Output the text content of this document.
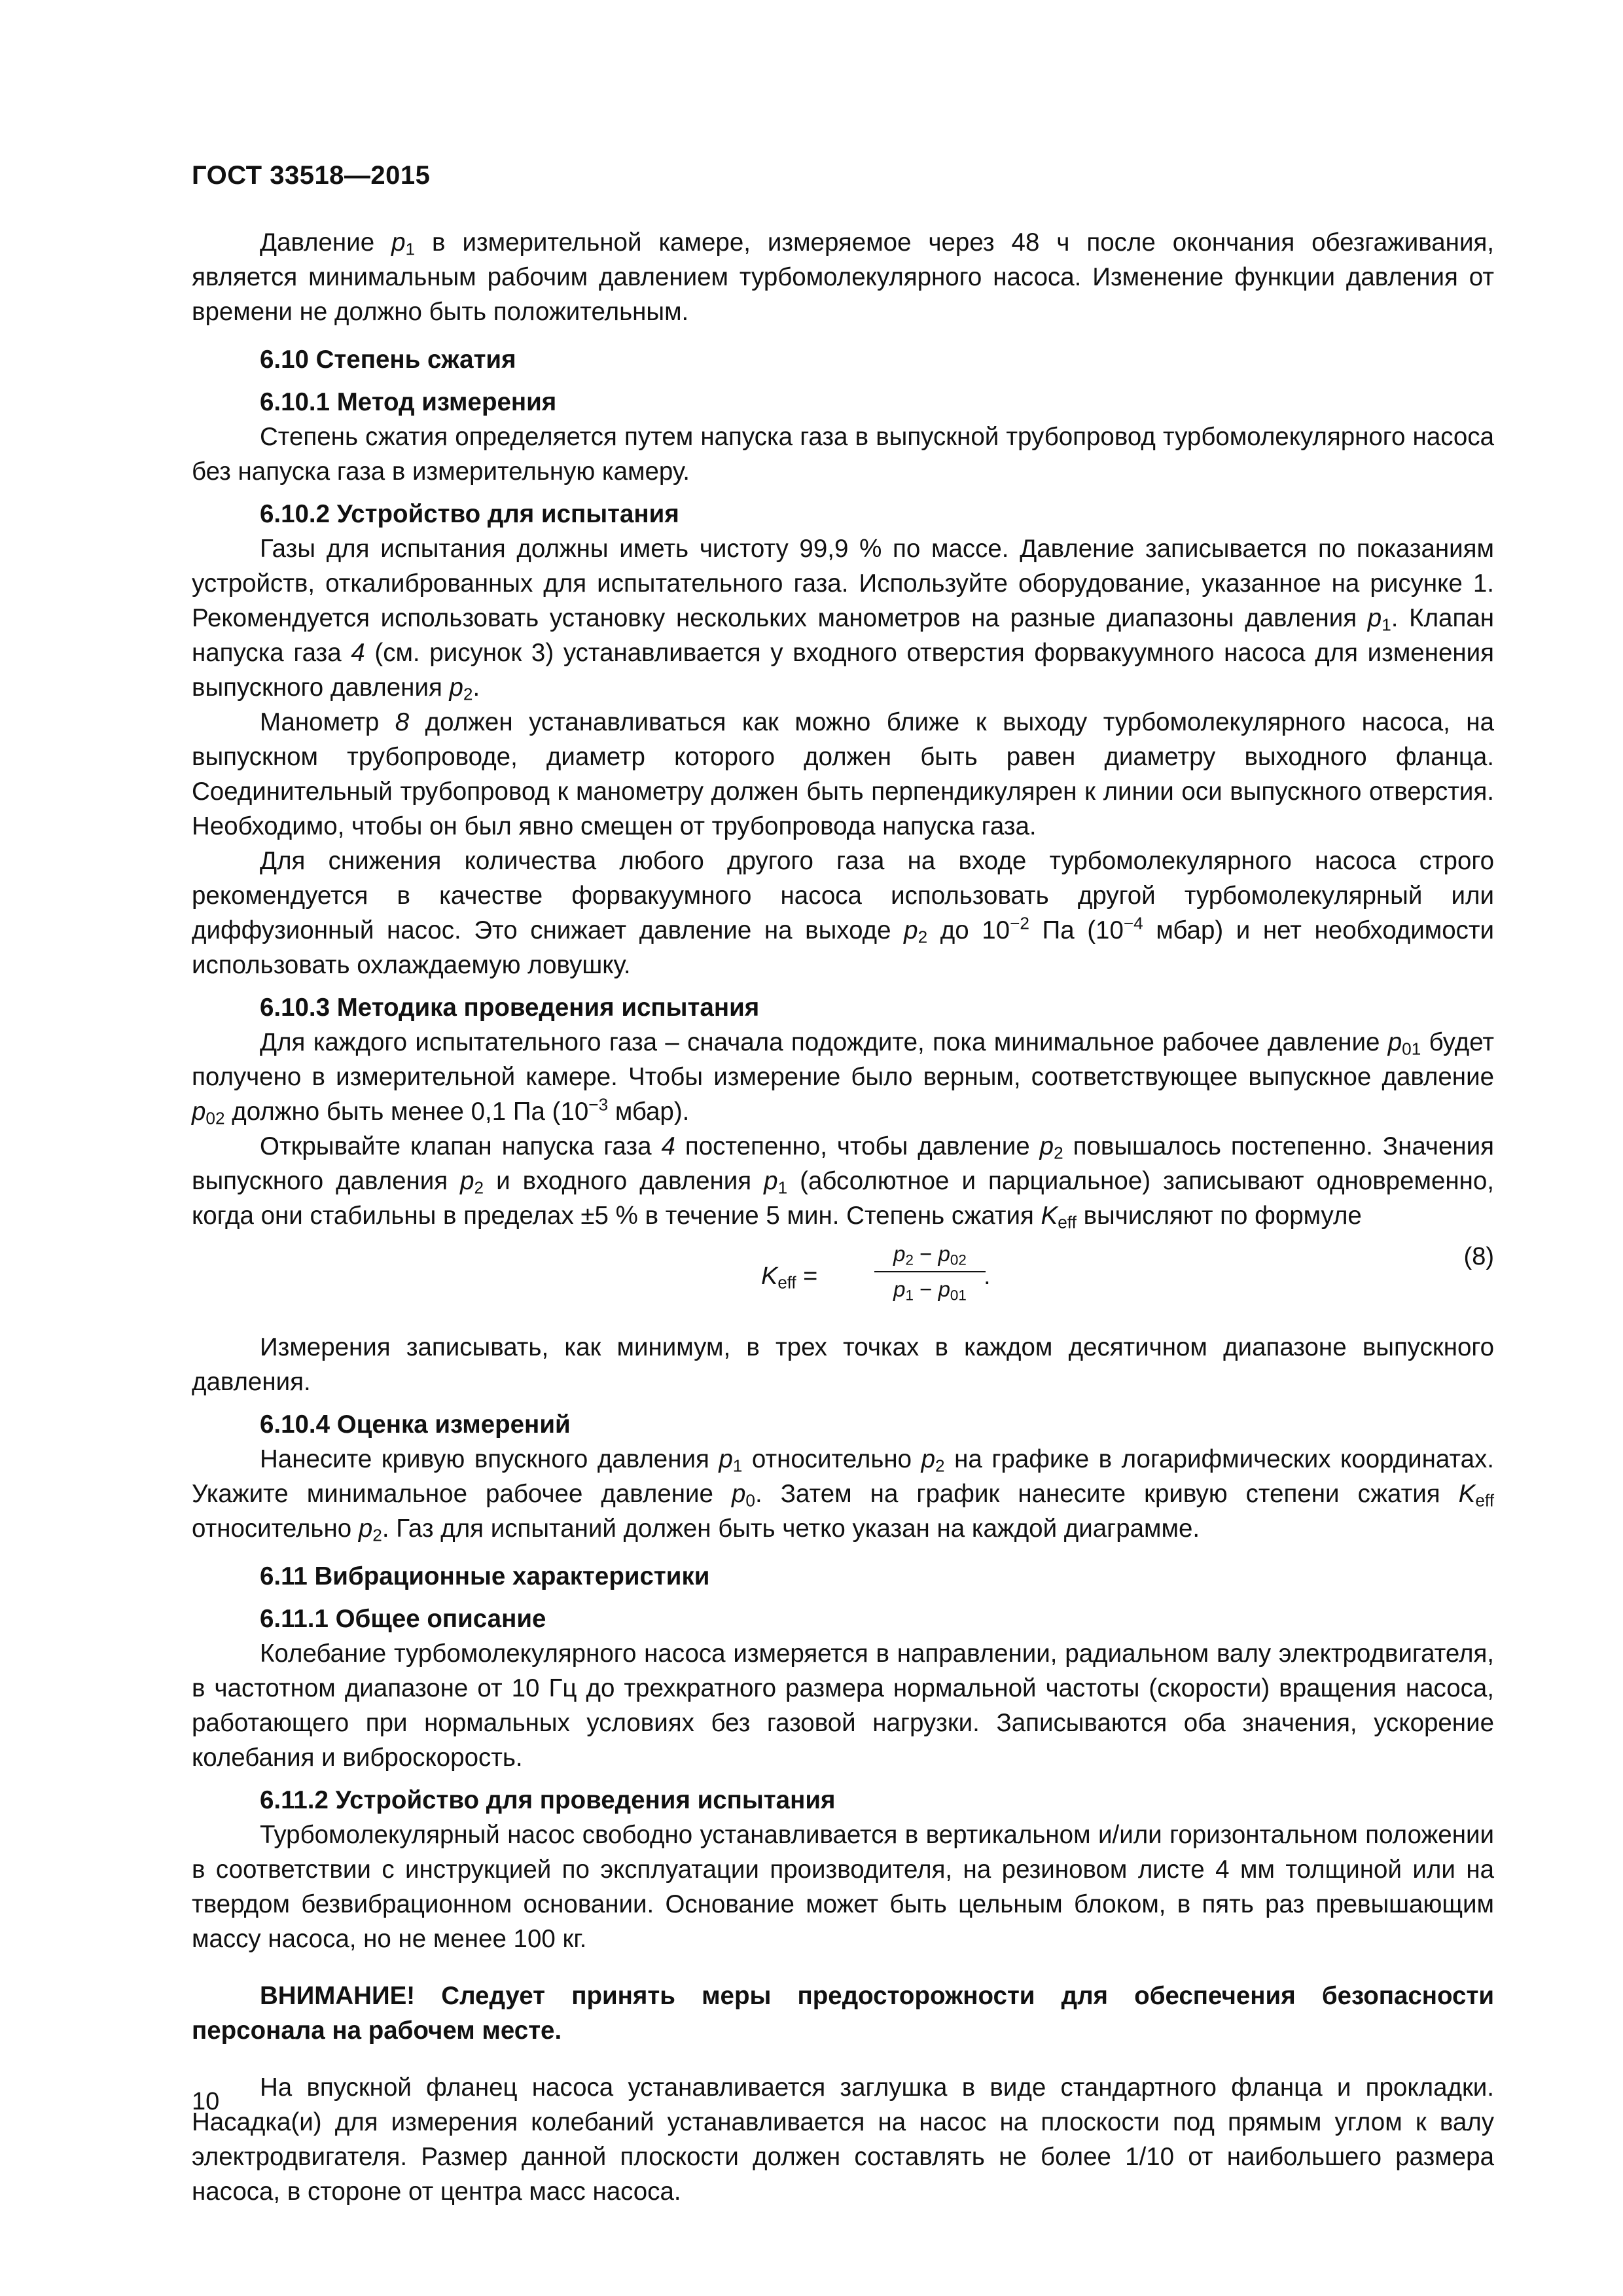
ГОСТ 33518—2015

Давление $p_1$ в измерительной камере, измеряемое через 48 ч после окончания обезгаживания, является минимальным рабочим давлением турбомолекулярного насоса. Изменение функции давления от времени не должно быть положительным.

6.10 Степень сжатия
6.10.1 Метод измерения

Степень сжатия определяется путем напуска газа в выпускной трубопровод турбомолекулярного насоса без напуска газа в измерительную камеру.

6.10.2 Устройство для испытания

Газы для испытания должны иметь чистоту 99,9 % по массе. Давление записывается по показаниям устройств, откалиброванных для испытательного газа. Используйте оборудование, указанное на рисунке 1. Рекомендуется использовать установку нескольких манометров на разные диапазоны давления $p_1$. Клапан напуска газа 4 (см. рисунок 3) устанавливается у входного отверстия форвакуумного насоса для изменения выпускного давления $p_2$.

Манометр 8 должен устанавливаться как можно ближе к выходу турбомолекулярного насоса, на выпускном трубопроводе, диаметр которого должен быть равен диаметру выходного фланца. Соединительный трубопровод к манометру должен быть перпендикулярен к линии оси выпускного отверстия. Необходимо, чтобы он был явно смещен от трубопровода напуска газа.

Для снижения количества любого другого газа на входе турбомолекулярного насоса строго рекомендуется в качестве форвакуумного насоса использовать другой турбомолекулярный или диффузионный насос. Это снижает давление на выходе $p_2$ до $10^{-2}$ Па ($10^{-4}$ мбар) и нет необходимости использовать охлаждаемую ловушку.

6.10.3 Методика проведения испытания

Для каждого испытательного газа – сначала подождите, пока минимальное рабочее давление $p_{01}$ будет получено в измерительной камере. Чтобы измерение было верным, соответствующее выпускное давление $p_{02}$ должно быть менее 0,1 Па ($10^{-3}$ мбар).

Открывайте клапан напуска газа 4 постепенно, чтобы давление $p_2$ повышалось постепенно. Значения выпускного давления $p_2$ и входного давления $p_1$ (абсолютное и парциальное) записывают одновременно, когда они стабильны в пределах ±5 % в течение 5 мин. Степень сжатия $K_{eff}$ вычисляют по формуле

$K_{eff}$ =	$\frac{p_2 - p_{02}}{p_1 - p_{01}}$
.
(8)

Измерения записывать, как минимум, в трех точках в каждом десятичном диапазоне выпускного давления.

6.10.4 Оценка измерений

Нанесите кривую впускного давления $p_1$ относительно $p_2$ на графике в логарифмических координатах. Укажите минимальное рабочее давление $p_0$. Затем на график нанесите кривую степени сжатия $K_{eff}$ относительно $p_2$. Газ для испытаний должен быть четко указан на каждой диаграмме.

6.11 Вибрационные характеристики
6.11.1 Общее описание

Колебание турбомолекулярного насоса измеряется в направлении, радиальном валу электродвигателя, в частотном диапазоне от 10 Гц до трехкратного размера нормальной частоты (скорости) вращения насоса, работающего при нормальных условиях без газовой нагрузки. Записываются оба значения, ускорение колебания и виброскорость.

6.11.2 Устройство для проведения испытания

Турбомолекулярный насос свободно устанавливается в вертикальном и/или горизонтальном положении в соответствии с инструкцией по эксплуатации производителя, на резиновом листе 4 мм толщиной или на твердом безвибрационном основании. Основание может быть цельным блоком, в пять раз превышающим массу насоса, но не менее 100 кг.

ВНИМАНИЕ! Следует принять меры предосторожности для обеспечения безопасности персонала на рабочем месте.

На впускной фланец насоса устанавливается заглушка в виде стандартного фланца и прокладки. Насадка(и) для измерения колебаний устанавливается на насос на плоскости под прямым углом к валу электродвигателя. Размер данной плоскости должен составлять не более 1/10 от наибольшего размера насоса, в стороне от центра масс насоса.

10
